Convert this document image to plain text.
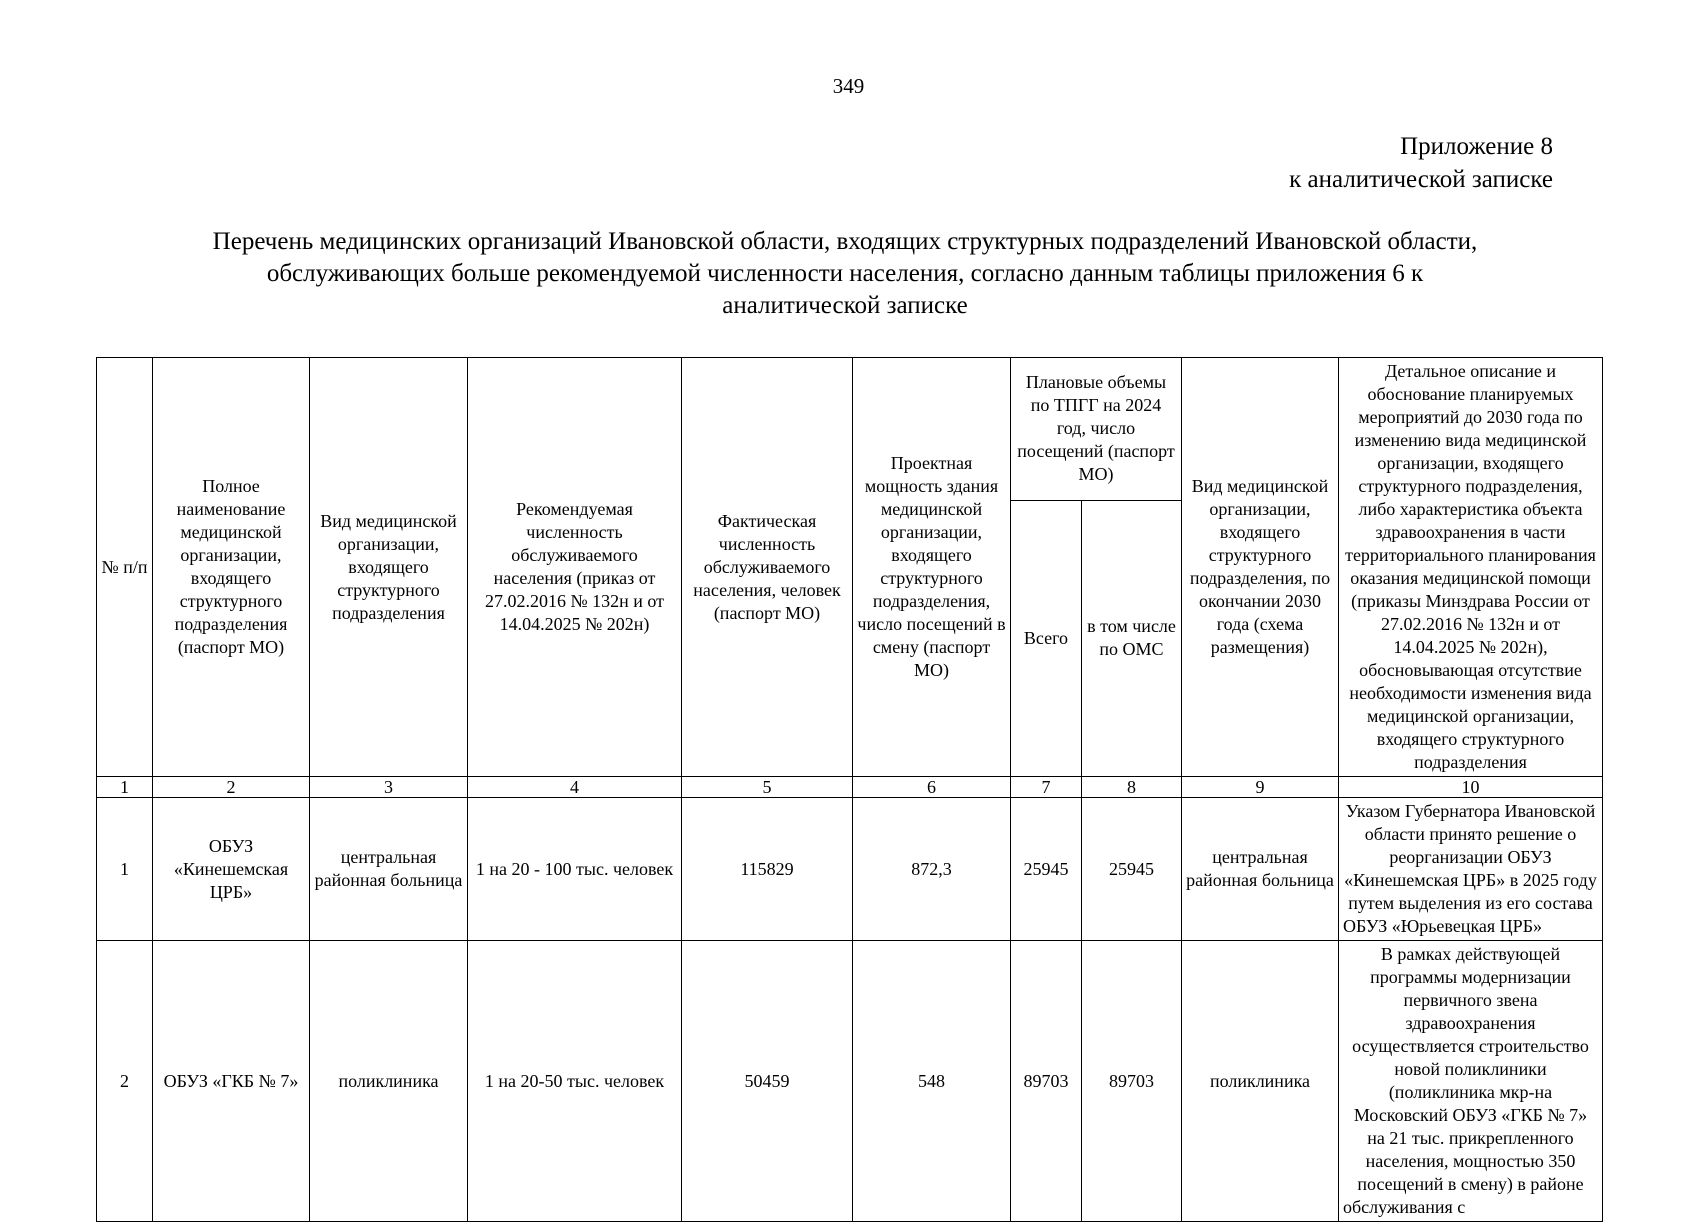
349
Приложение 8
к аналитической записке
Перечень медицинских организаций Ивановской области, входящих структурных подразделений Ивановской области,
обслуживающих больше рекомендуемой численности населения, согласно данным таблицы приложения 6 к
аналитической записке
№ п/п	Полное наименование медицинской организации, входящего структурного подразделения (паспорт МО)	Вид медицинской организации, входящего структурного подразделения	Рекомендуемая численность обслуживаемого населения (приказ от 27.02.2016 № 132н и от 14.04.2025 № 202н)	Фактическая численность обслуживаемого населения, человек (паспорт МО)	Проектная мощность здания медицинской организации, входящего структурного подразделения, число посещений в смену (паспорт МО)	Плановые объемы по ТПГГ на 2024 год, число посещений (паспорт МО)		Вид медицинской организации, входящего структурного подразделения, по окончании 2030 года (схема размещения)	Детальное описание и обоснование планируемых мероприятий до 2030 года по изменению вида медицинской организации, входящего структурного подразделения, либо характеристика объекта здравоохранения в части территориального планирования оказания медицинской помощи (приказы Минздрава России от 27.02.2016 № 132н и от 14.04.2025 № 202н), обосновывающая отсутствие необходимости изменения вида медицинской организации, входящего структурного подразделения
						Всего	в том числе по ОМС		
1	2	3	4	5	6	7	8	9	10
1	ОБУЗ «Кинешемская ЦРБ»	центральная районная больница	1 на 20 - 100 тыс. человек	115829	872,3	25945	25945	центральная районная больница	Указом Губернатора Ивановской области принято решение о реорганизации ОБУЗ «Кинешемская ЦРБ» в 2025 году путем выделения из его состава ОБУЗ «Юрьевецкая ЦРБ»
2	ОБУЗ «ГКБ № 7»	поликлиника	1 на 20-50 тыс. человек	50459	548	89703	89703	поликлиника	В рамках действующей программы модернизации первичного звена здравоохранения осуществляется строительство новой поликлиники (поликлиника мкр-на Московский ОБУЗ «ГКБ № 7» на 21 тыс. прикрепленного населения, мощностью 350 посещений в смену) в районе обслуживания с
